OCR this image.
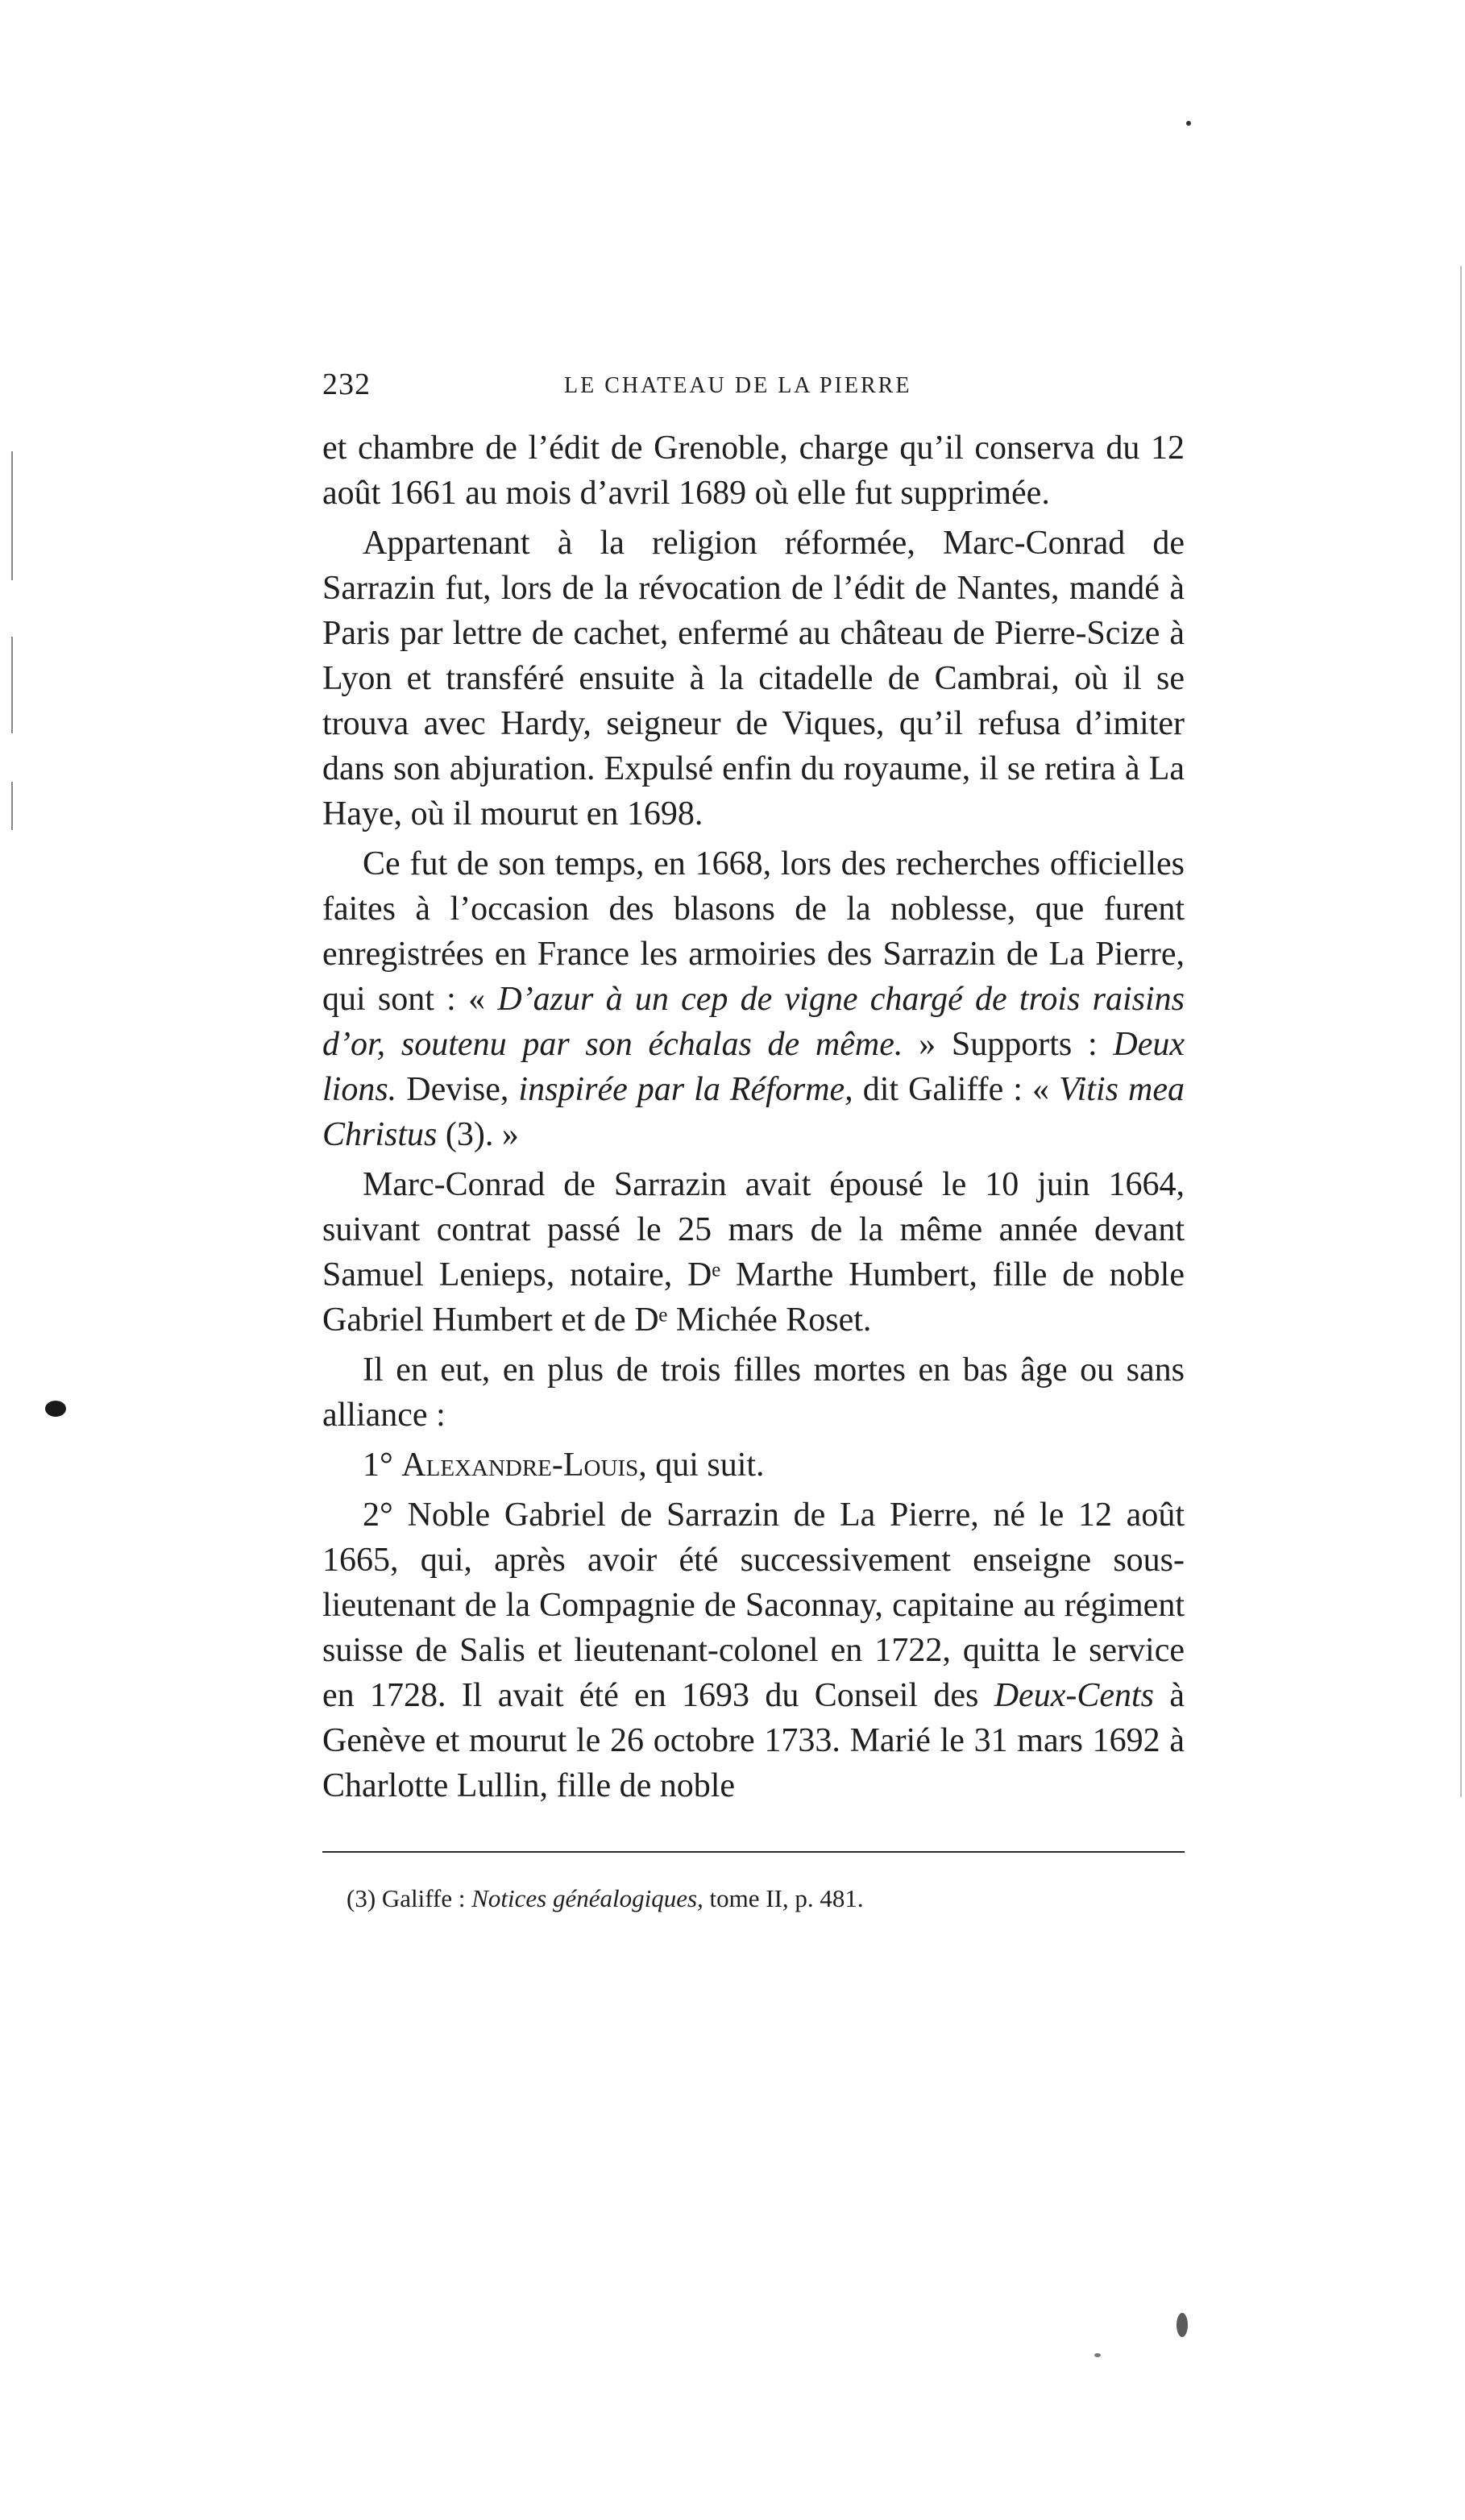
232	LE CHATEAU DE LA PIERRE

et chambre de l’édit de Grenoble, charge qu’il conserva du 12 août 1661 au mois d’avril 1689 où elle fut supprimée.

Appartenant à la religion réformée, Marc-Conrad de Sarrazin fut, lors de la révocation de l’édit de Nantes, mandé à Paris par lettre de cachet, enfermé au château de Pierre-Scize à Lyon et transféré ensuite à la citadelle de Cambrai, où il se trouva avec Hardy, seigneur de Viques, qu’il refusa d’imiter dans son abjuration. Expulsé enfin du royaume, il se retira à La Haye, où il mourut en 1698.

Ce fut de son temps, en 1668, lors des recherches officielles faites à l’occasion des blasons de la noblesse, que furent enregistrées en France les armoiries des Sarrazin de La Pierre, qui sont : « D’azur à un cep de vigne chargé de trois raisins d’or, soutenu par son échalas de même. » Supports : Deux lions. Devise, inspirée par la Réforme, dit Galiffe : « Vitis mea Christus (3). »

Marc-Conrad de Sarrazin avait épousé le 10 juin 1664, suivant contrat passé le 25 mars de la même année devant Samuel Lenieps, notaire, Dᵉ Marthe Humbert, fille de noble Gabriel Humbert et de Dᵉ Michée Roset.

Il en eut, en plus de trois filles mortes en bas âge ou sans alliance :

1° Alexandre-Louis, qui suit.

2° Noble Gabriel de Sarrazin de La Pierre, né le 12 août 1665, qui, après avoir été successivement enseigne sous-lieutenant de la Compagnie de Saconnay, capitaine au régiment suisse de Salis et lieutenant-colonel en 1722, quitta le service en 1728. Il avait été en 1693 du Conseil des Deux-Cents à Genève et mourut le 26 octobre 1733. Marié le 31 mars 1692 à Charlotte Lullin, fille de noble

(3) Galiffe : Notices généalogiques, tome II, p. 481.
